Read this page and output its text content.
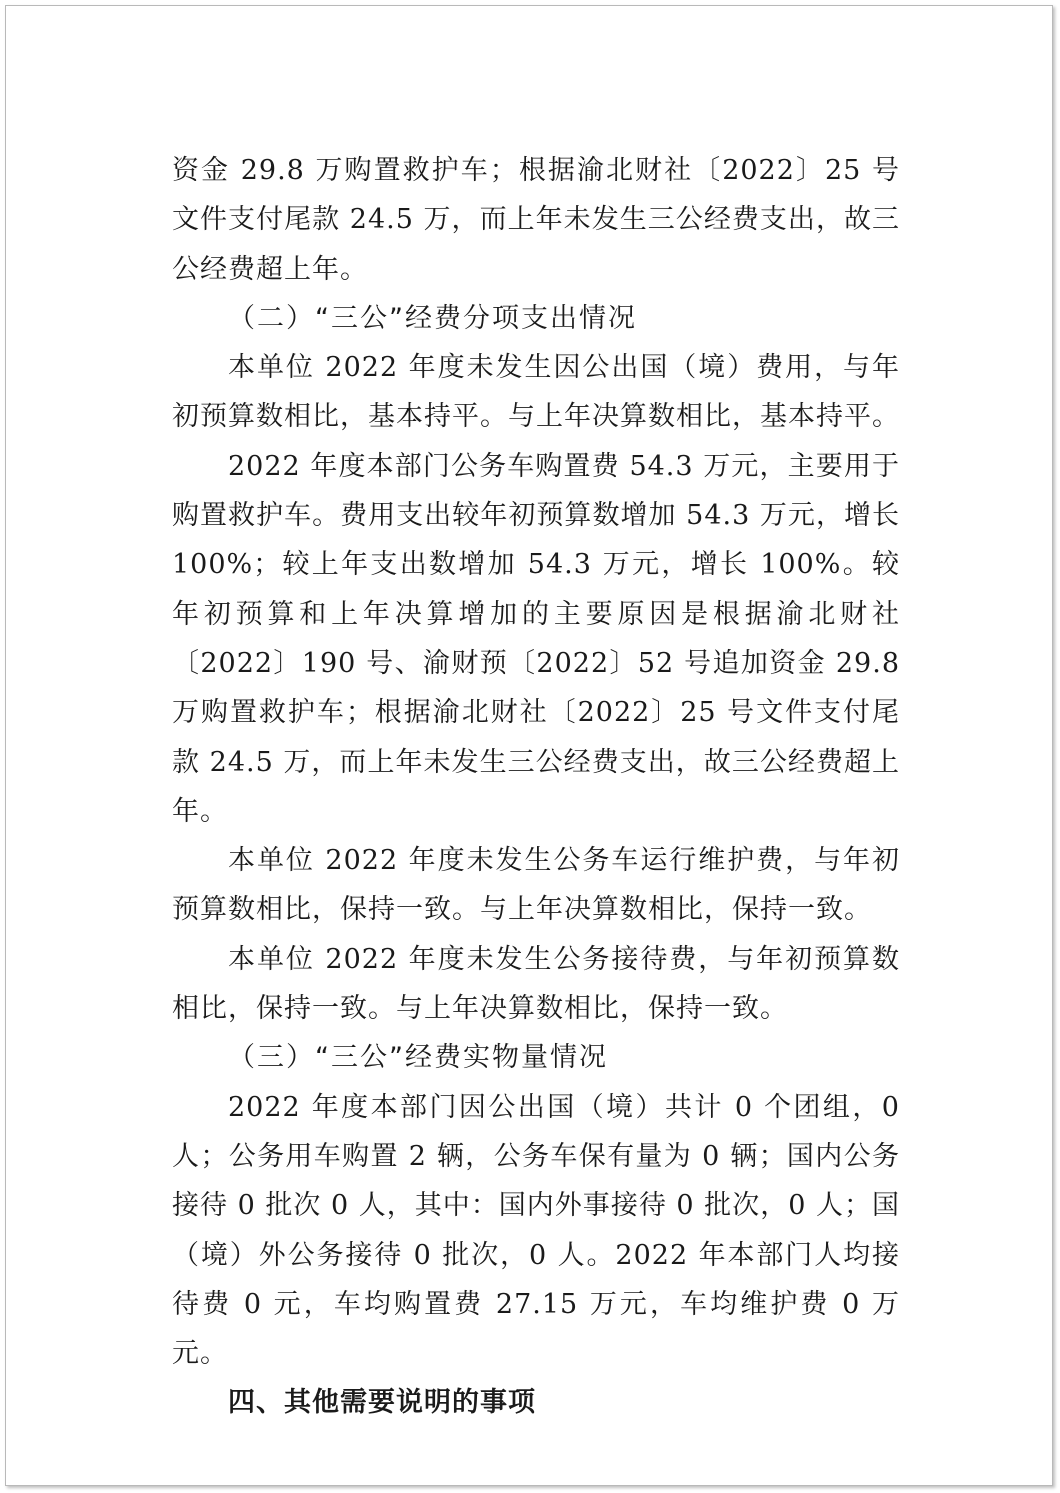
资金 29.8 万购置救护车；根据渝北财社〔2022〕25 号文件支付尾款 24.5 万，而上年未发生三公经费支出，故三公经费超上年。

（二）“三公”经费分项支出情况

本单位 2022 年度未发生因公出国（境）费用，与年初预算数相比，基本持平。与上年决算数相比，基本持平。

2022 年度本部门公务车购置费 54.3 万元，主要用于购置救护车。费用支出较年初预算数增加 54.3 万元，增长 100%；较上年支出数增加 54.3 万元，增长 100%。较年初预算和上年决算增加的主要原因是根据渝北财社〔2022〕190 号、渝财预〔2022〕52 号追加资金 29.8 万购置救护车；根据渝北财社〔2022〕25 号文件支付尾款 24.5 万，而上年未发生三公经费支出，故三公经费超上年。

本单位 2022 年度未发生公务车运行维护费，与年初预算数相比，保持一致。与上年决算数相比，保持一致。

本单位 2022 年度未发生公务接待费，与年初预算数相比，保持一致。与上年决算数相比，保持一致。

（三）“三公”经费实物量情况

2022 年度本部门因公出国（境）共计 0 个团组，0 人；公务用车购置 2 辆，公务车保有量为 0 辆；国内公务接待 0 批次 0 人，其中：国内外事接待 0 批次，0 人；国（境）外公务接待 0 批次，0 人。2022 年本部门人均接待费 0 元，车均购置费 27.15 万元，车均维护费 0 万元。

四、其他需要说明的事项
